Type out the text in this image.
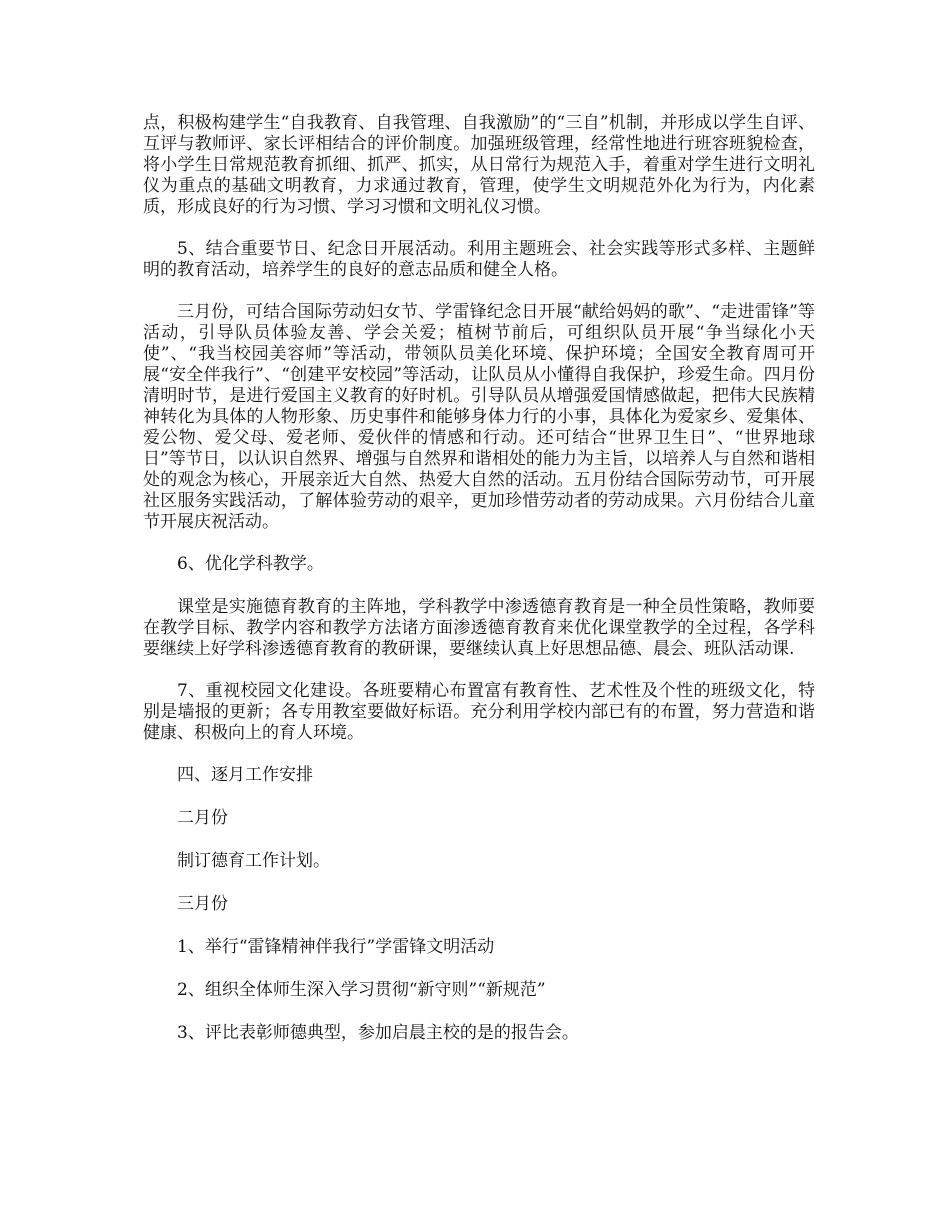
点，积极构建学生“自我教育、自我管理、自我激励”的“三自”机制，并形成以学生自评、互评与教师评、家长评相结合的评价制度。加强班级管理，经常性地进行班容班貌检查，将小学生日常规范教育抓细、抓严、抓实，从日常行为规范入手，着重对学生进行文明礼仪为重点的基础文明教育，力求通过教育，管理，使学生文明规范外化为行为，内化素质，形成良好的行为习惯、学习习惯和文明礼仪习惯。

5、结合重要节日、纪念日开展活动。利用主题班会、社会实践等形式多样、主题鲜明的教育活动，培养学生的良好的意志品质和健全人格。

三月份，可结合国际劳动妇女节、学雷锋纪念日开展“献给妈妈的歌”、“走进雷锋”等活动，引导队员体验友善、学会关爱；植树节前后，可组织队员开展“争当绿化小天使”、“我当校园美容师”等活动，带领队员美化环境、保护环境；全国安全教育周可开展“安全伴我行”、“创建平安校园”等活动，让队员从小懂得自我保护，珍爱生命。四月份清明时节，是进行爱国主义教育的好时机。引导队员从增强爱国情感做起，把伟大民族精神转化为具体的人物形象、历史事件和能够身体力行的小事，具体化为爱家乡、爱集体、爱公物、爱父母、爱老师、爱伙伴的情感和行动。还可结合“世界卫生日”、“世界地球日”等节日，以认识自然界、增强与自然界和谐相处的能力为主旨，以培养人与自然和谐相处的观念为核心，开展亲近大自然、热爱大自然的活动。五月份结合国际劳动节，可开展社区服务实践活动，了解体验劳动的艰辛，更加珍惜劳动者的劳动成果。六月份结合儿童节开展庆祝活动。

6、优化学科教学。

课堂是实施德育教育的主阵地，学科教学中渗透德育教育是一种全员性策略，教师要在教学目标、教学内容和教学方法诸方面渗透德育教育来优化课堂教学的全过程，各学科要继续上好学科渗透德育教育的教研课，要继续认真上好思想品德、晨会、班队活动课.

7、重视校园文化建设。各班要精心布置富有教育性、艺术性及个性的班级文化，特别是墙报的更新；各专用教室要做好标语。充分利用学校内部已有的布置，努力营造和谐健康、积极向上的育人环境。

四、逐月工作安排

二月份

制订德育工作计划。

三月份

1、举行“雷锋精神伴我行”学雷锋文明活动

2、组织全体师生深入学习贯彻“新守则”“新规范”

3、评比表彰师德典型，参加启晨主校的是的报告会。
